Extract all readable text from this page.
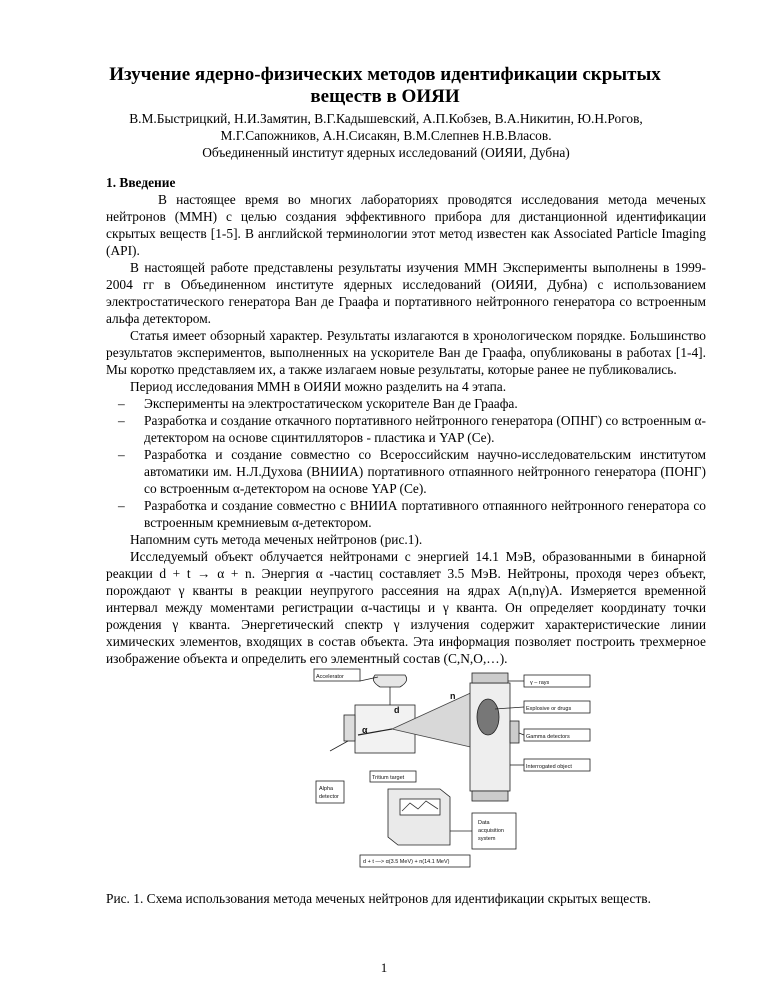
Изучение ядерно-физических методов идентификации скрытых веществ в ОИЯИ
В.М.Быстрицкий, Н.И.Замятин, В.Г.Кадышевский, А.П.Кобзев, В.А.Никитин, Ю.Н.Рогов,
М.Г.Сапожников, А.Н.Сисакян, В.М.Слепнев Н.В.Власов.
Объединенный институт ядерных исследований (ОИЯИ, Дубна)
1. Введение

В настоящее время во многих лабораториях проводятся исследования метода меченых нейтронов (ММН) с целью создания эффективного прибора для дистанционной идентификации скрытых веществ [1-5]. В английской терминологии этот метод известен как Associated Particle Imaging (API).

В настоящей работе представлены результаты изучения ММН Эксперименты выполнены в 1999-2004 гг в Объединенном институте ядерных исследований (ОИЯИ, Дубна) с использованием электростатического генератора Ван де Граафа и портативного нейтронного генератора со встроенным альфа детектором.

Статья имеет обзорный характер. Результаты излагаются в хронологическом порядке. Большинство результатов экспериментов, выполненных на ускорителе Ван де Граафа, опубликованы в работах [1-4]. Мы коротко представляем их, а также излагаем новые результаты, которые ранее не публиковались.

Период исследования ММН в ОИЯИ можно разделить на 4 этапа.

– Эксперименты на электростатическом ускорителе Ван де Граафа.
– Разработка и создание откачного портативного нейтронного генератора (ОПНГ) со встроенным α-детектором на основе сцинтилляторов - пластика и YAP (Ce).
– Разработка и создание совместно со Всероссийским научно-исследовательским институтом автоматики им. Н.Л.Духова (ВНИИА) портативного отпаянного нейтронного генератора (ПОНГ) со встроенным α-детектором на основе YAP (Ce).
– Разработка и создание совместно с ВНИИА портативного отпаянного нейтронного генератора со встроенным кремниевым α-детектором.

Напомним суть метода меченых нейтронов (рис.1).

Исследуемый объект облучается нейтронами с энергией 14.1 МэВ, образованными в бинарной реакции d + t → α + n. Энергия α -частиц составляет 3.5 МэВ. Нейтроны, проходя через объект, порождают γ кванты в реакции неупругого рассеяния на ядрах A(n,nγ)A. Измеряется временной интервал между моментами регистрации α-частицы и γ кванта. Он определяет координату точки рождения γ кванта. Энергетический спектр γ излучения содержит характеристические линии химических элементов, входящих в состав объекта. Эта информация позволяет построить трехмерное изображение объекта и определить его элементный состав (C,N,O,…).

Accelerator
γ – rays
Explosive or drugs
Gamma detectors
Interrogated object
Alpha
detector
Tritium target
Data
acquisition
system
d + t —> α(3.5 MeV) + n(14.1 MeV)
d
α
n
Рис. 1. Схема использования метода меченых нейтронов для идентификации скрытых веществ.
1
